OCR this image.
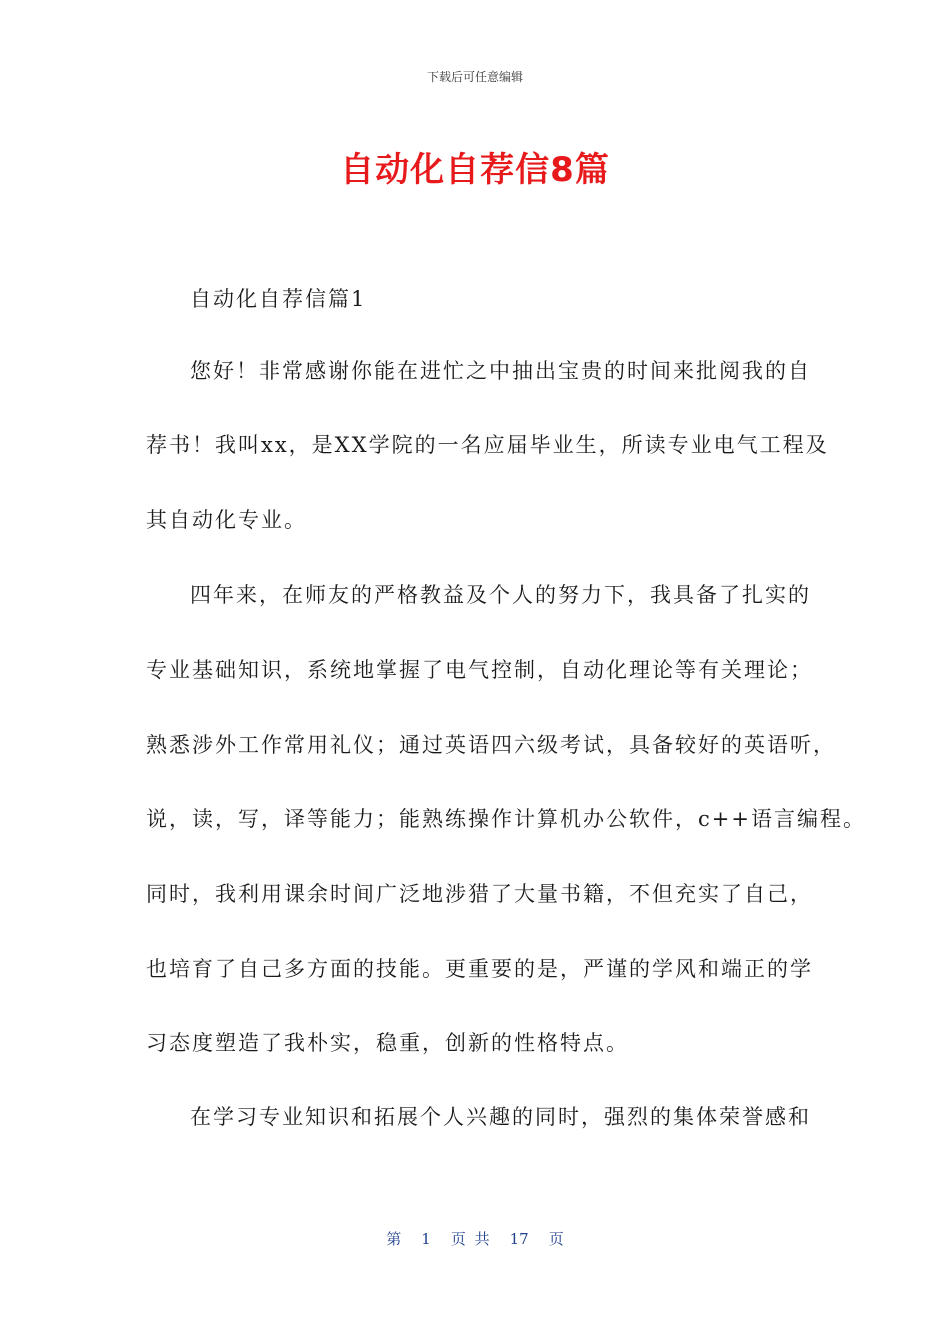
下载后可任意编辑
自动化自荐信8篇
自动化自荐信篇1
您好！非常感谢你能在进忙之中抽出宝贵的时间来批阅我的自
荐书！我叫xx，是XX学院的一名应届毕业生，所读专业电气工程及
其自动化专业。
四年来，在师友的严格教益及个人的努力下，我具备了扎实的
专业基础知识，系统地掌握了电气控制，自动化理论等有关理论；
熟悉涉外工作常用礼仪；通过英语四六级考试，具备较好的英语听，
说，读，写，译等能力；能熟练操作计算机办公软件，c++语言编程。
同时，我利用课余时间广泛地涉猎了大量书籍，不但充实了自己，
也培育了自己多方面的技能。更重要的是，严谨的学风和端正的学
习态度塑造了我朴实，稳重，创新的性格特点。
在学习专业知识和拓展个人兴趣的同时，强烈的集体荣誉感和
第 1 页 共 17 页
